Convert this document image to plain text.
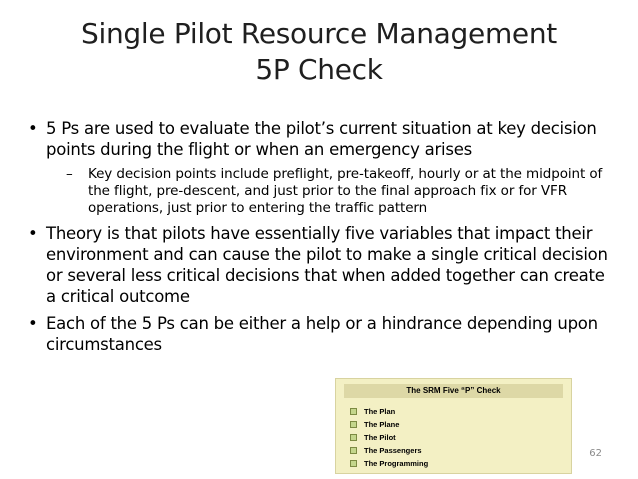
Single Pilot Resource Management
5P Check
• 5 Ps are used to evaluate the pilot’s current situation at key decision points during the flight or when an emergency arises
– Key decision points include preflight, pre-takeoff, hourly or at the midpoint of the flight, pre-descent, and just prior to the final approach fix or for VFR operations, just prior to entering the traffic pattern
• Theory is that pilots have essentially five variables that impact their environment and can cause the pilot to make a single critical decision or several less critical decisions that when added together can create a critical outcome
• Each of the 5 Ps can be either a help or a hindrance depending upon circumstances
The SRM Five “P” Check
The Plan
The Plane
The Pilot
The Passengers
The Programming
62
